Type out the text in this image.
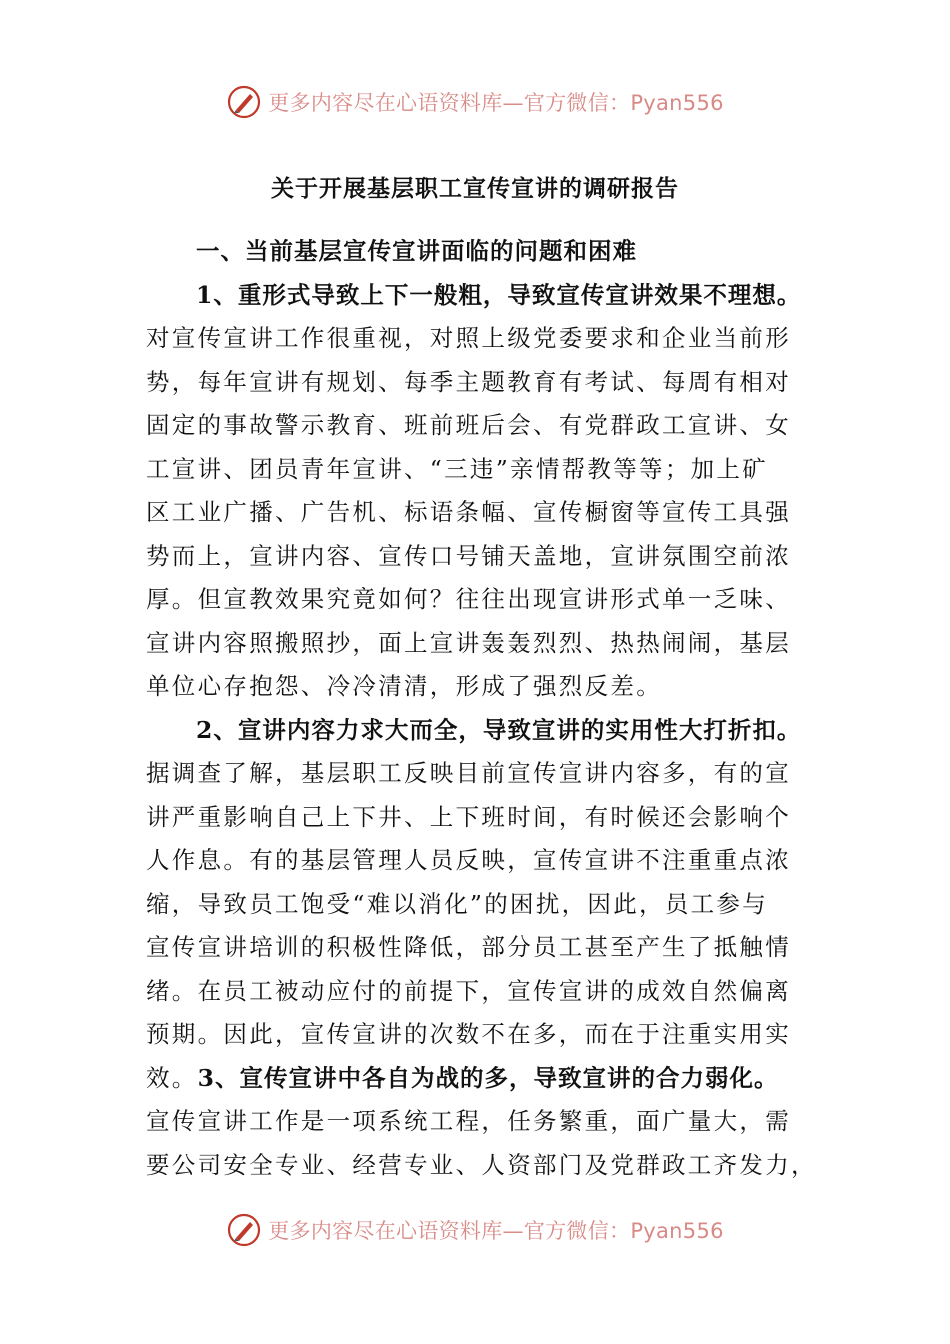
更多内容尽在心语资料库—官方微信：Pyan556
关于开展基层职工宣传宣讲的调研报告
一、当前基层宣传宣讲面临的问题和困难
1、重形式导致上下一般粗，导致宣传宣讲效果不理想。
对宣传宣讲工作很重视，对照上级党委要求和企业当前形
势，每年宣讲有规划、每季主题教育有考试、每周有相对
固定的事故警示教育、班前班后会、有党群政工宣讲、女
工宣讲、团员青年宣讲、“三违”亲情帮教等等；加上矿
区工业广播、广告机、标语条幅、宣传橱窗等宣传工具强
势而上，宣讲内容、宣传口号铺天盖地，宣讲氛围空前浓
厚。但宣教效果究竟如何？往往出现宣讲形式单一乏味、
宣讲内容照搬照抄，面上宣讲轰轰烈烈、热热闹闹，基层
单位心存抱怨、冷冷清清，形成了强烈反差。
2、宣讲内容力求大而全，导致宣讲的实用性大打折扣。
据调查了解，基层职工反映目前宣传宣讲内容多，有的宣
讲严重影响自己上下井、上下班时间，有时候还会影响个
人作息。有的基层管理人员反映，宣传宣讲不注重重点浓
缩，导致员工饱受“难以消化”的困扰，因此，员工参与
宣传宣讲培训的积极性降低，部分员工甚至产生了抵触情
绪。在员工被动应付的前提下，宣传宣讲的成效自然偏离
预期。因此，宣传宣讲的次数不在多，而在于注重实用实
效。3、宣传宣讲中各自为战的多，导致宣讲的合力弱化。
宣传宣讲工作是一项系统工程，任务繁重，面广量大，需
要公司安全专业、经营专业、人资部门及党群政工齐发力，
更多内容尽在心语资料库—官方微信：Pyan556
